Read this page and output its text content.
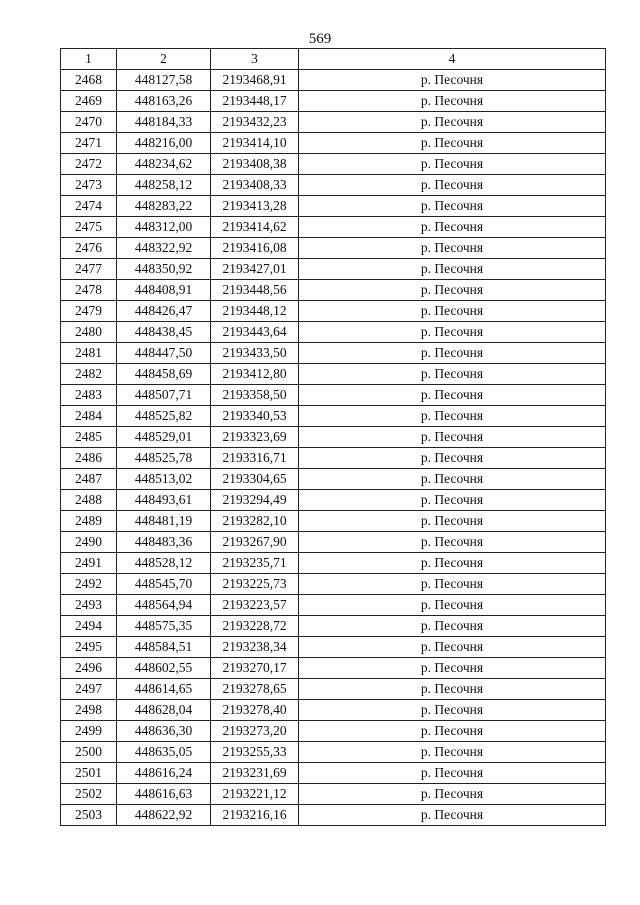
569
1	2	3	4
2468	448127,58	2193468,91	р. Песочня
2469	448163,26	2193448,17	р. Песочня
2470	448184,33	2193432,23	р. Песочня
2471	448216,00	2193414,10	р. Песочня
2472	448234,62	2193408,38	р. Песочня
2473	448258,12	2193408,33	р. Песочня
2474	448283,22	2193413,28	р. Песочня
2475	448312,00	2193414,62	р. Песочня
2476	448322,92	2193416,08	р. Песочня
2477	448350,92	2193427,01	р. Песочня
2478	448408,91	2193448,56	р. Песочня
2479	448426,47	2193448,12	р. Песочня
2480	448438,45	2193443,64	р. Песочня
2481	448447,50	2193433,50	р. Песочня
2482	448458,69	2193412,80	р. Песочня
2483	448507,71	2193358,50	р. Песочня
2484	448525,82	2193340,53	р. Песочня
2485	448529,01	2193323,69	р. Песочня
2486	448525,78	2193316,71	р. Песочня
2487	448513,02	2193304,65	р. Песочня
2488	448493,61	2193294,49	р. Песочня
2489	448481,19	2193282,10	р. Песочня
2490	448483,36	2193267,90	р. Песочня
2491	448528,12	2193235,71	р. Песочня
2492	448545,70	2193225,73	р. Песочня
2493	448564,94	2193223,57	р. Песочня
2494	448575,35	2193228,72	р. Песочня
2495	448584,51	2193238,34	р. Песочня
2496	448602,55	2193270,17	р. Песочня
2497	448614,65	2193278,65	р. Песочня
2498	448628,04	2193278,40	р. Песочня
2499	448636,30	2193273,20	р. Песочня
2500	448635,05	2193255,33	р. Песочня
2501	448616,24	2193231,69	р. Песочня
2502	448616,63	2193221,12	р. Песочня
2503	448622,92	2193216,16	р. Песочня
